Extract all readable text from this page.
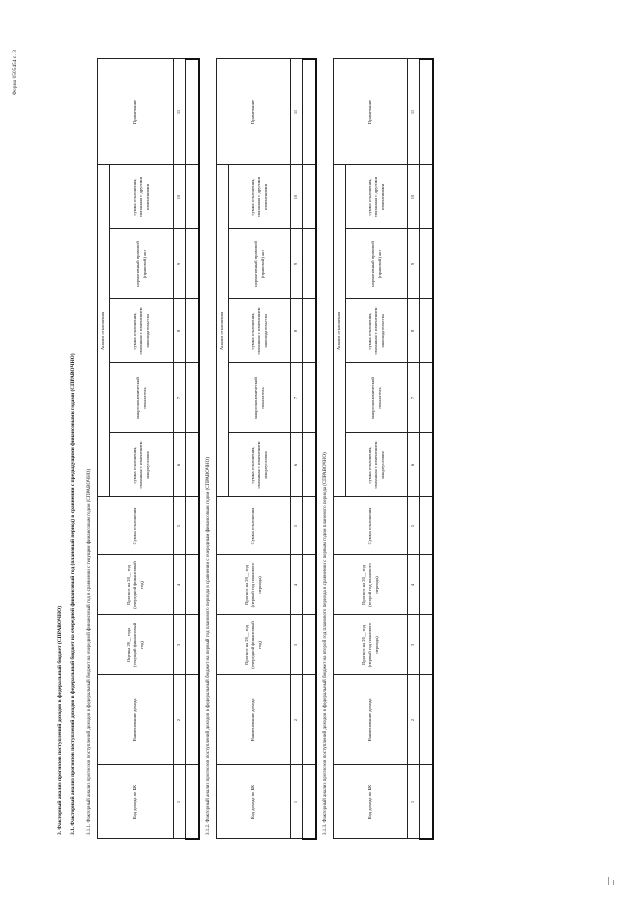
Форма 0505454 с. 3
3. Факторный анализ прогнозов поступлений доходов в федеральный бюджет (СПРАВОЧНО) 3.1. Факторный анализ прогнозов поступлений доходов в федеральный бюджет на очередной финансовый год (плановый период) в сравнении с предыдущими финансовыми годами (СПРАВОЧНО) 3.1.1. Факторный анализ прогнозов поступлений доходов в федеральный бюджет на очередной финансовый год в сравнении с текущим финансовым годом (СПРАВОЧНО)	Код дохода по БК	Наименование дохода	Оценка 20__ года (текущий финансовый год)	Прогноз на 20__ год (очередной финансовый год)	Сумма отклонения	Анализ отклонения					Примечание
					сумма отклонения, связанная с изменением макроусловия	макроэкономический показатель	сумма отклонения, связанная с изменением законодательства	нормативный правовой (правовой) акт	сумма отклонения, связанная с другими изменениями	
1	2	3	4	5	6	7	8	9	10	11

3.1.2. Факторный анализ прогнозов поступлений доходов в федеральный бюджет на первый год планового периода в сравнении с очередным финансовым годом (СПРАВОЧНО)	Код дохода по БК	Наименование дохода	Прогноз на 20__ год (очередной финансовый год)	Прогноз на 20__ год (первый год планового периода)	Сумма отклонения	Анализ отклонения					Примечание
					сумма отклонения, связанная с изменением макроусловия	макроэкономический показатель	сумма отклонения, связанная с изменением законодательства	нормативный правовой (правовой) акт	сумма отклонения, связанная с другими изменениями	
1	2	3	4	5	6	7	8	9	10	11

3.1.3. Факторный анализ прогнозов поступлений доходов в федеральный бюджет на второй год планового периода в сравнении с первым годом планового периода (СПРАВОЧНО)	Код дохода по БК	Наименование дохода	Прогноз на 20__ год (первый год планового периода)	Прогноз на 20__ год (второй год планового периода)	Сумма отклонения	Анализ отклонения					Примечание
					сумма отклонения, связанная с изменением макроусловия	макроэкономический показатель	сумма отклонения, связанная с изменением законодательства	нормативный правовой (правовой) акт	сумма отклонения, связанная с другими изменениями	
1	2	3	4	5	6	7	8	9	10	11
